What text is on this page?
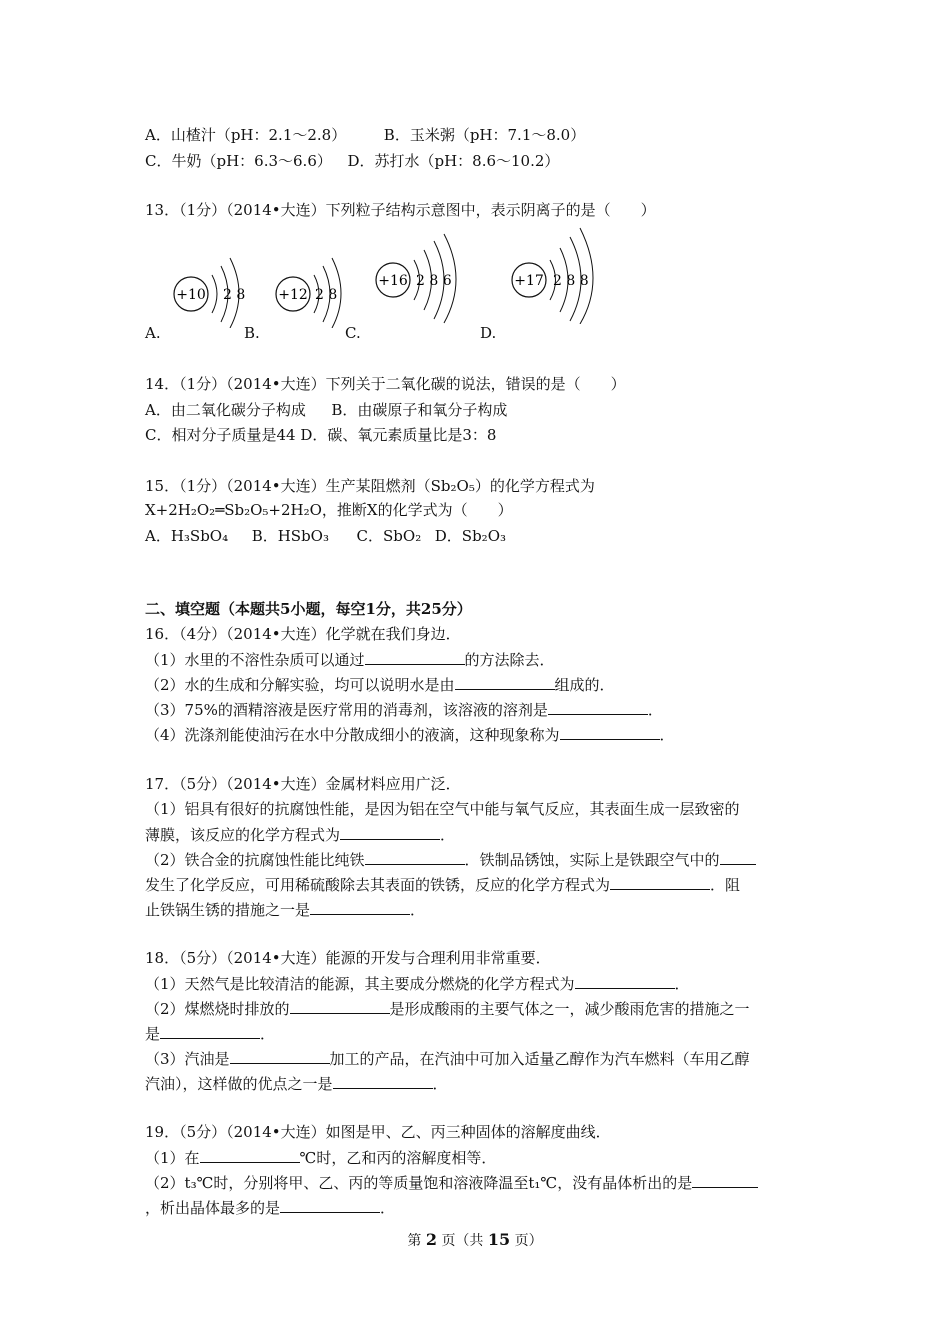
A．山楂汁（pH：2.1～2.8）	B．玉米粥（pH：7.1～8.0）
C．牛奶（pH：6.3～6.6） D．苏打水（pH：8.6～10.2）
13．（1分）（2014•大连）下列粒子结构示意图中，表示阴离子的是（　　）
+10 2 8 +12 2 8
+16 2 8 6	+17 2 8 8
A.	B.	C.	D.
14．（1分）（2014•大连）下列关于二氧化碳的说法，错误的是（　　）
A．由二氧化碳分子构成 B．由碳原子和氧分子构成
C．相对分子质量是44 D．碳、氧元素质量比是3：8
15．（1分）（2014•大连）生产某阻燃剂（Sb₂O₅）的化学方程式为
X+2H₂O₂═Sb₂O₅+2H₂O，推断X的化学式为（　　）
A．H₃SbO₄ B．HSbO₃ C．SbO₂ D．Sb₂O₃
二、填空题（本题共5小题，每空1分，共25分）
16．（4分）（2014•大连）化学就在我们身边．
（1）水里的不溶性杂质可以通过	的方法除去．
（2）水的生成和分解实验，均可以说明水是由	组成的．
（3）75%的酒精溶液是医疗常用的消毒剂，该溶液的溶剂是	．
（4）洗涤剂能使油污在水中分散成细小的液滴，这种现象称为	．
17．（5分）（2014•大连）金属材料应用广泛．
（1）铝具有很好的抗腐蚀性能，是因为铝在空气中能与氧气反应，其表面生成一层致密的
薄膜，该反应的化学方程式为	．
（2）铁合金的抗腐蚀性能比纯铁	．铁制品锈蚀，实际上是铁跟空气中的
发生了化学反应，可用稀硫酸除去其表面的铁锈，反应的化学方程式为	．阻
止铁锅生锈的措施之一是	．
18．（5分）（2014•大连）能源的开发与合理利用非常重要．
（1）天然气是比较清洁的能源，其主要成分燃烧的化学方程式为	．
（2）煤燃烧时排放的	是形成酸雨的主要气体之一，减少酸雨危害的措施之一
是	．
（3）汽油是	加工的产品，在汽油中可加入适量乙醇作为汽车燃料（车用乙醇
汽油），这样做的优点之一是	．
19．（5分）（2014•大连）如图是甲、乙、丙三种固体的溶解度曲线．
（1）在	℃时，乙和丙的溶解度相等．
（2）t₃℃时，分别将甲、乙、丙的等质量饱和溶液降温至t₁℃，没有晶体析出的是
，析出晶体最多的是	．
第 2 页（共 15 页）
